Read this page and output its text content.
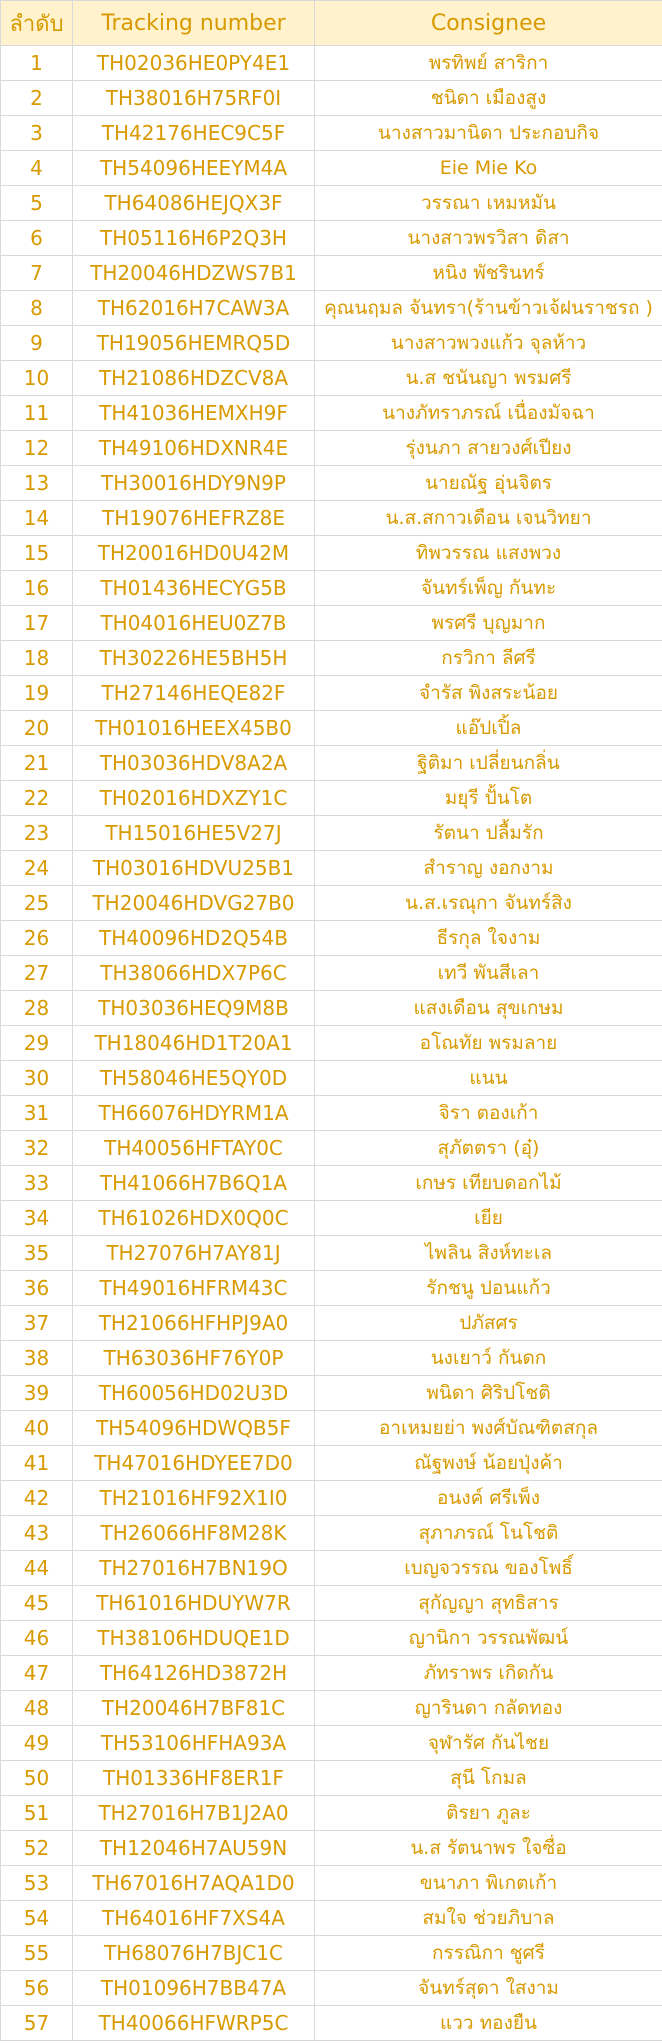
ลำดับ	Tracking number	Consignee
1	TH02036HE0PY4E1	พรทิพย์ สาริกา
2	TH38016H75RF0I	ชนิดา เมืองสูง
3	TH42176HEC9C5F	นางสาวมานิดา ประกอบกิจ
4	TH54096HEEYM4A	Eie Mie Ko
5	TH64086HEJQX3F	วรรณา เหมหมัน
6	TH05116H6P2Q3H	นางสาวพรวิสา ดิสา
7	TH20046HDZWS7B1	หนิง พัชรินทร์
8	TH62016H7CAW3A	คุณนฤมล จันทรา(ร้านข้าวเจ้ฝนราชรถ )
9	TH19056HEMRQ5D	นางสาวพวงแก้ว จุลห้าว
10	TH21086HDZCV8A	น.ส ชนันญา พรมศรี
11	TH41036HEMXH9F	นางภัทราภรณ์ เนื่องมัจฉา
12	TH49106HDXNR4E	รุ่งนภา สายวงศ์เปียง
13	TH30016HDY9N9P	นายณัฐ อุ่นจิตร
14	TH19076HEFRZ8E	น.ส.สกาวเดือน เจนวิทยา
15	TH20016HD0U42M	ทิพวรรณ แสงพวง
16	TH01436HECYG5B	จันทร์เพ็ญ กันทะ
17	TH04016HEU0Z7B	พรศรี บุญมาก
18	TH30226HE5BH5H	กรวิกา ลีศรี
19	TH27146HEQE82F	จำรัส พิงสระน้อย
20	TH01016HEEX45B0	แอ๊ปเปิ้ล
21	TH03036HDV8A2A	ฐิติมา เปลี่ยนกลิ่น
22	TH02016HDXZY1C	มยุรี ปั้นโต
23	TH15016HE5V27J	รัตนา ปลื้มรัก
24	TH03016HDVU25B1	สำราญ งอกงาม
25	TH20046HDVG27B0	น.ส.เรณุกา จันทร์สิง
26	TH40096HD2Q54B	ธีรกุล ใจงาม
27	TH38066HDX7P6C	เทวี พันสีเลา
28	TH03036HEQ9M8B	แสงเดือน สุขเกษม
29	TH18046HD1T20A1	อโณทัย พรมลาย
30	TH58046HE5QY0D	แนน
31	TH66076HDYRM1A	จิรา ตองเก้า
32	TH40056HFTAY0C	สุภัตตรา (อุ๋)
33	TH41066H7B6Q1A	เกษร เทียบดอกไม้
34	TH61026HDX0Q0C	เยีย
35	TH27076H7AY81J	ไพลิน สิงห์ทะเล
36	TH49016HFRM43C	รักชนู ปอนแก้ว
37	TH21066HFHPJ9A0	ปภัสศร
38	TH63036HF76Y0P	นงเยาว์ กันดก
39	TH60056HD02U3D	พนิดา ศิริปโชติ
40	TH54096HDWQB5F	อาเหมยย่า พงศ์บัณฑิตสกุล
41	TH47016HDYEE7D0	ณัฐพงษ์ น้อยปุ่งค้า
42	TH21016HF92X1I0	อนงค์ ศรีเพ็ง
43	TH26066HF8M28K	สุภาภรณ์ โนโชติ
44	TH27016H7BN19O	เบญจวรรณ ของโพธิ์
45	TH61016HDUYW7R	สุกัญญา สุทธิสาร
46	TH38106HDUQE1D	ญานิกา วรรณพัฒน์
47	TH64126HD3872H	ภัทราพร เกิดกัน
48	TH20046H7BF81C	ญารินดา กลัดทอง
49	TH53106HFHA93A	จุฬารัศ กันไชย
50	TH01336HF8ER1F	สุนี โกมล
51	TH27016H7B1J2A0	ติรยา ภูละ
52	TH12046H7AU59N	น.ส รัตนาพร ใจซื่อ
53	TH67016H7AQA1D0	ขนาภา พิเกตเก้า
54	TH64016HF7XS4A	สมใจ ช่วยภิบาล
55	TH68076H7BJC1C	กรรณิกา ชูศรี
56	TH01096H7BB47A	จันทร์สุดา ใสงาม
57	TH40066HFWRP5C	แวว ทองยืน
